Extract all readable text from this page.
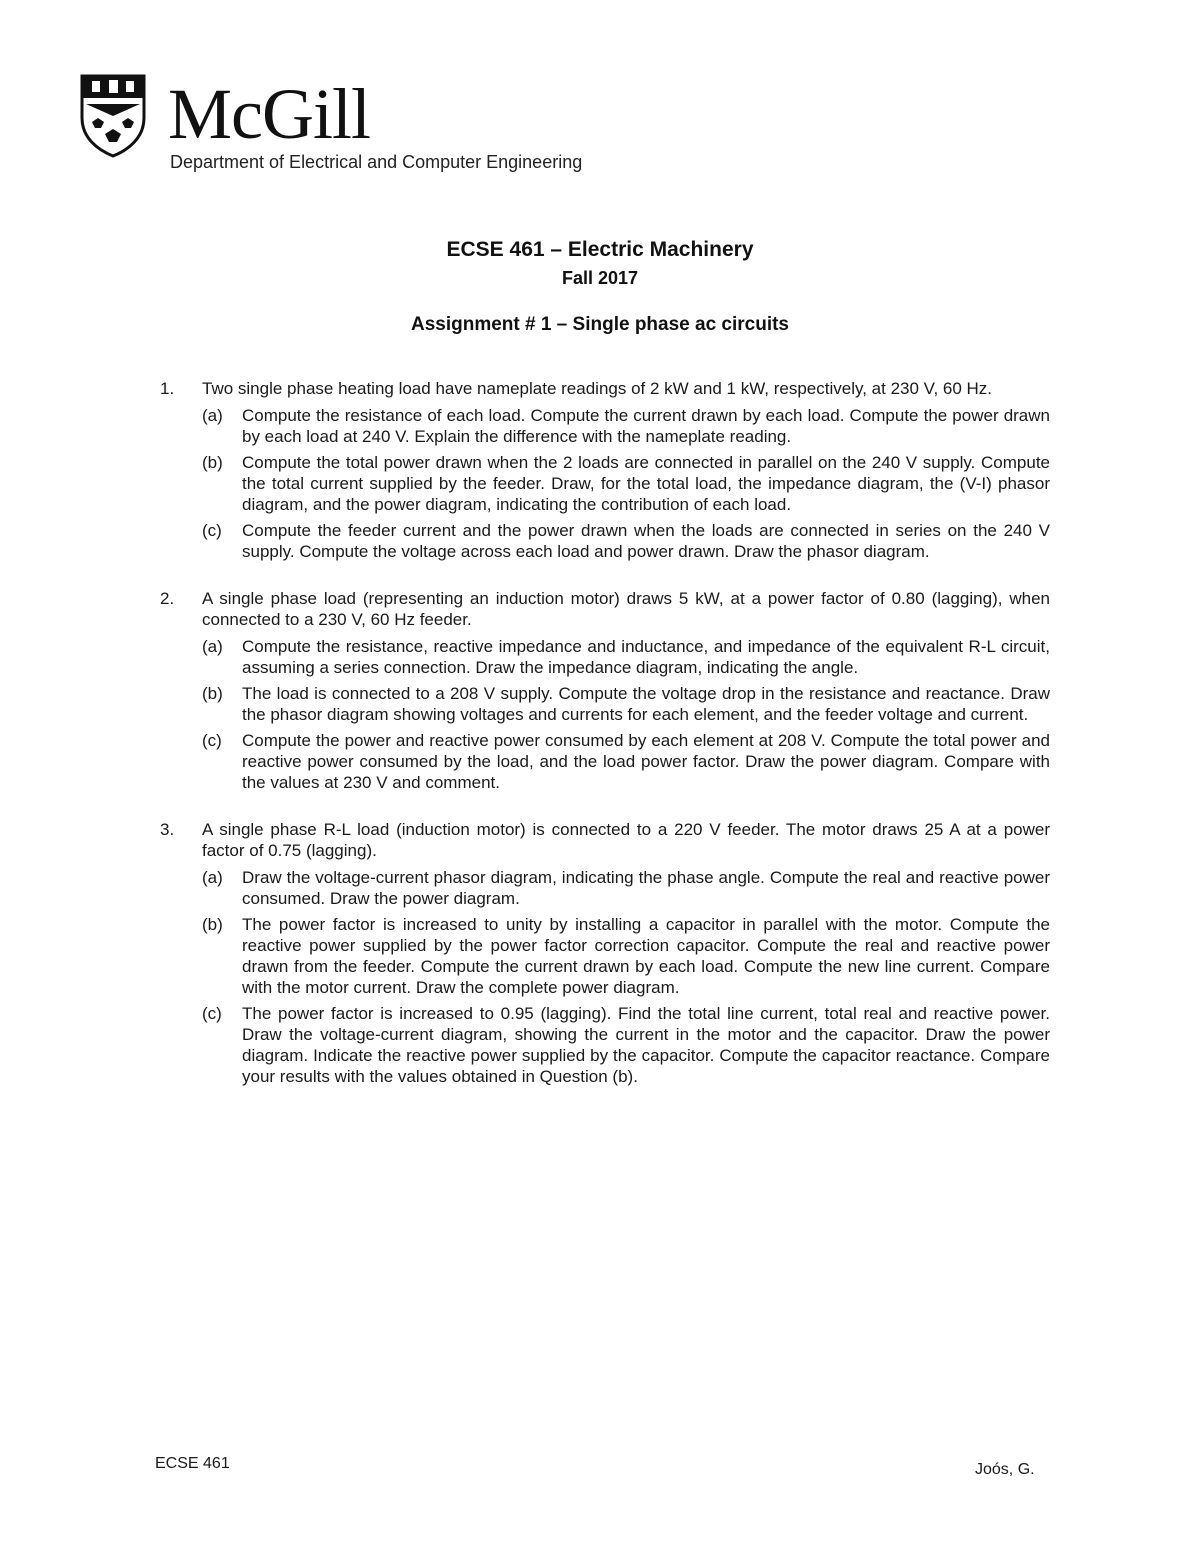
McGill
Department of Electrical and Computer Engineering
ECSE 461 – Electric Machinery
Fall 2017
Assignment # 1 – Single phase ac circuits
1. Two single phase heating load have nameplate readings of 2 kW and 1 kW, respectively, at 230 V, 60 Hz.
(a) Compute the resistance of each load. Compute the current drawn by each load. Compute the power drawn by each load at 240 V. Explain the difference with the nameplate reading.
(b) Compute the total power drawn when the 2 loads are connected in parallel on the 240 V supply. Compute the total current supplied by the feeder. Draw, for the total load, the impedance diagram, the (V-I) phasor diagram, and the power diagram, indicating the contribution of each load.
(c) Compute the feeder current and the power drawn when the loads are connected in series on the 240 V supply. Compute the voltage across each load and power drawn. Draw the phasor diagram.
2. A single phase load (representing an induction motor) draws 5 kW, at a power factor of 0.80 (lagging), when connected to a 230 V, 60 Hz feeder.
(a) Compute the resistance, reactive impedance and inductance, and impedance of the equivalent R-L circuit, assuming a series connection. Draw the impedance diagram, indicating the angle.
(b) The load is connected to a 208 V supply. Compute the voltage drop in the resistance and reactance. Draw the phasor diagram showing voltages and currents for each element, and the feeder voltage and current.
(c) Compute the power and reactive power consumed by each element at 208 V. Compute the total power and reactive power consumed by the load, and the load power factor. Draw the power diagram. Compare with the values at 230 V and comment.
3. A single phase R-L load (induction motor) is connected to a 220 V feeder. The motor draws 25 A at a power factor of 0.75 (lagging).
(a) Draw the voltage-current phasor diagram, indicating the phase angle. Compute the real and reactive power consumed. Draw the power diagram.
(b) The power factor is increased to unity by installing a capacitor in parallel with the motor. Compute the reactive power supplied by the power factor correction capacitor. Compute the real and reactive power drawn from the feeder. Compute the current drawn by each load. Compute the new line current. Compare with the motor current. Draw the complete power diagram.
(c) The power factor is increased to 0.95 (lagging). Find the total line current, total real and reactive power. Draw the voltage-current diagram, showing the current in the motor and the capacitor. Draw the power diagram. Indicate the reactive power supplied by the capacitor. Compute the capacitor reactance. Compare your results with the values obtained in Question (b).
ECSE 461	Joós, G.
